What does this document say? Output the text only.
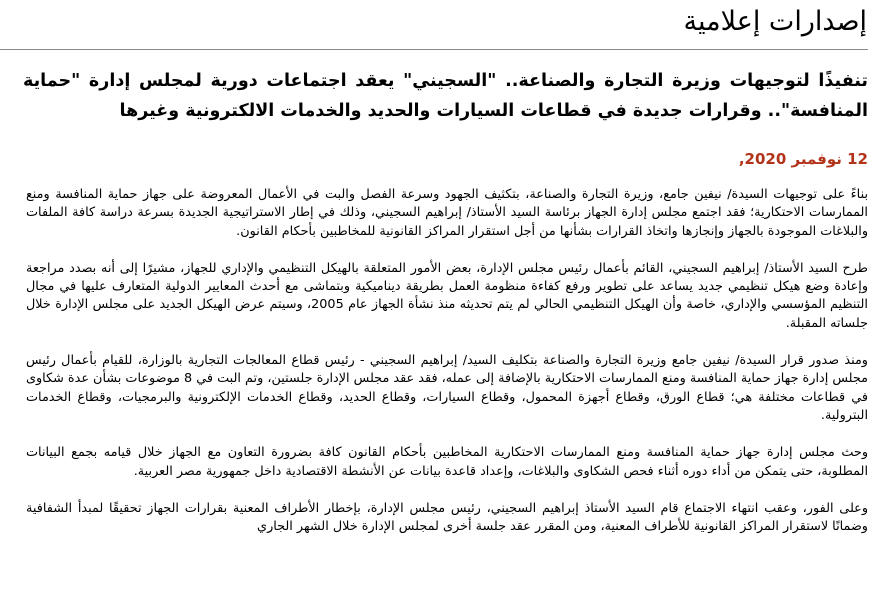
إصدارات إعلامية
تنفيذًا لتوجيهات وزيرة التجارة والصناعة.. "السجيني" يعقد اجتماعات دورية لمجلس إدارة "حماية المنافسة".. وقرارات جديدة في قطاعات السيارات والحديد والخدمات الالكترونية وغيرها
12 نوفمبر 2020,

بناءً على توجيهات السيدة/ نيفين جامع، وزيرة التجارة والصناعة، بتكثيف الجهود وسرعة الفصل والبت في الأعمال المعروضة على جهاز حماية المنافسة ومنع الممارسات الاحتكارية؛ فقد اجتمع مجلس إدارة الجهاز برئاسة السيد الأستاذ/ إبراهيم السجيني، وذلك في إطار الاستراتيجية الجديدة بسرعة دراسة كافة الملفات والبلاغات الموجودة بالجهاز وإنجازها واتخاذ القرارات بشأنها من أجل استقرار المراكز القانونية للمخاطبين بأحكام القانون.

طرح السيد الأستاذ/ إبراهيم السجيني، القائم بأعمال رئيس مجلس الإدارة، بعض الأمور المتعلقة بالهيكل التنظيمي والإداري للجهاز، مشيرًا إلى أنه بصدد مراجعة وإعادة وضع هيكل تنظيمي جديد يساعد على تطوير ورفع كفاءة منظومة العمل بطريقة ديناميكية وبتماشى مع أحدث المعايير الدولية المتعارف عليها في مجال التنظيم المؤسسي والإداري، خاصة وأن الهيكل التنظيمي الحالي لم يتم تحديثه منذ نشأة الجهاز عام 2005، وسيتم عرض الهيكل الجديد على مجلس الإدارة خلال جلساته المقبلة.

ومنذ صدور قرار السيدة/ نيفين جامع وزيرة التجارة والصناعة بتكليف السيد/ إبراهيم السجيني - رئيس قطاع المعالجات التجارية بالوزارة، للقيام بأعمال رئيس مجلس إدارة جهاز حماية المنافسة ومنع الممارسات الاحتكارية بالإضافة إلى عمله، فقد عقد مجلس الإدارة جلستين، وتم البت في 8 موضوعات بشأن عدة شكاوى في قطاعات مختلفة هي؛ قطاع الورق، وقطاع أجهزة المحمول، وقطاع السيارات، وقطاع الحديد، وقطاع الخدمات الإلكترونية والبرمجيات، وقطاع الخدمات البترولية.

وحث مجلس إدارة جهاز حماية المنافسة ومنع الممارسات الاحتكارية المخاطبين بأحكام القانون كافة بضرورة التعاون مع الجهاز خلال قيامه بجمع البيانات المطلوبة، حتى يتمكن من أداء دوره أثناء فحص الشكاوى والبلاغات، وإعداد قاعدة بيانات عن الأنشطة الاقتصادية داخل جمهورية مصر العربية.

وعلى الفور، وعقب انتهاء الاجتماع قام السيد الأستاذ إبراهيم السجيني، رئيس مجلس الإدارة، بإخطار الأطراف المعنية بقرارات الجهاز تحقيقًا لمبدأ الشفافية وضمانًا لاستقرار المراكز القانونية للأطراف المعنية، ومن المقرر عقد جلسة أخرى لمجلس الإدارة خلال الشهر الجاري
